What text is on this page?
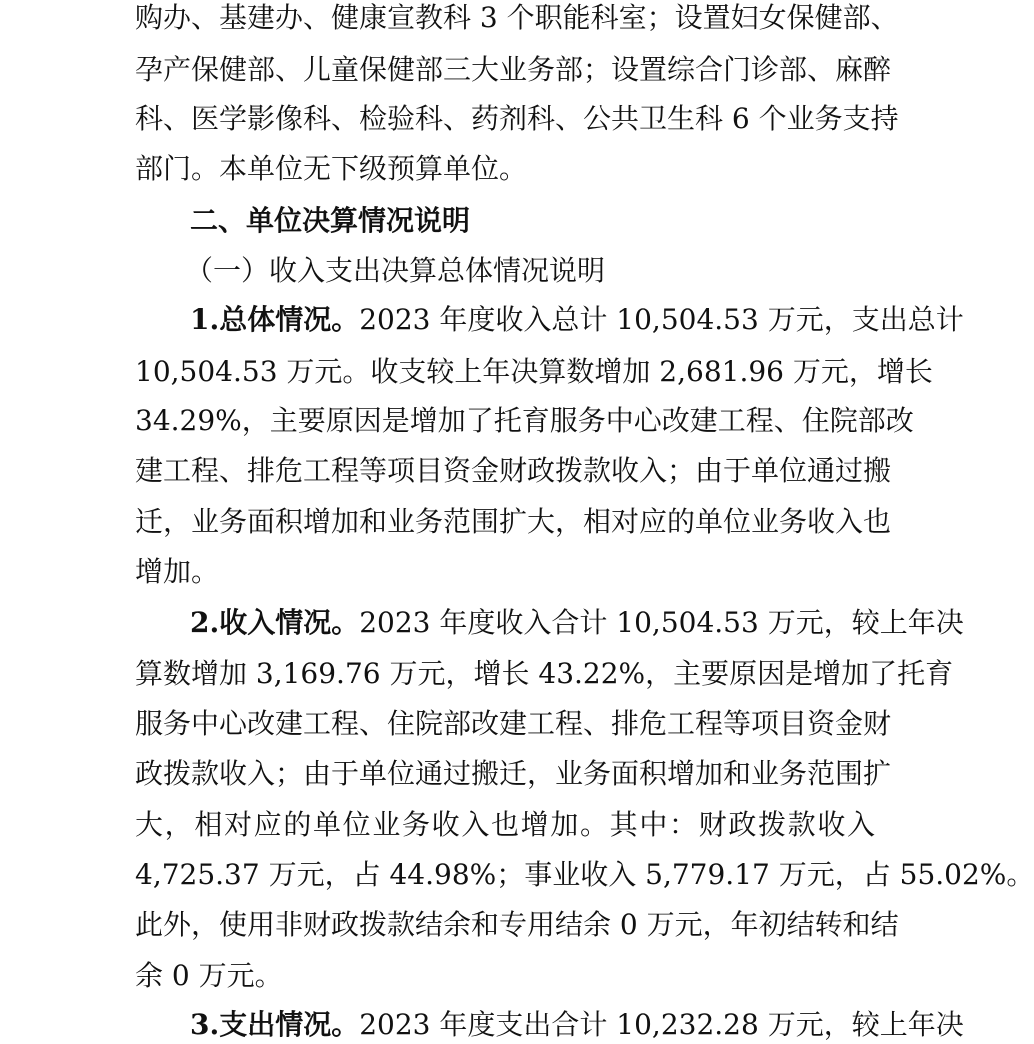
购办、基建办、健康宣教科 3 个职能科室；设置妇女保健部、
孕产保健部、儿童保健部三大业务部；设置综合门诊部、麻醉
科、医学影像科、检验科、药剂科、公共卫生科 6 个业务支持
部门。本单位无下级预算单位。
二、单位决算情况说明
（一）收入支出决算总体情况说明
1.总体情况。2023 年度收入总计 10,504.53 万元，支出总计
10,504.53 万元。收支较上年决算数增加 2,681.96 万元，增长
34.29%，主要原因是增加了托育服务中心改建工程、住院部改
建工程、排危工程等项目资金财政拨款收入；由于单位通过搬
迁，业务面积增加和业务范围扩大，相对应的单位业务收入也
增加。
2.收入情况。2023 年度收入合计 10,504.53 万元，较上年决
算数增加 3,169.76 万元，增长 43.22%，主要原因是增加了托育
服务中心改建工程、住院部改建工程、排危工程等项目资金财
政拨款收入；由于单位通过搬迁，业务面积增加和业务范围扩
大，相对应的单位业务收入也增加。其中：财政拨款收入
4,725.37 万元，占 44.98%；事业收入 5,779.17 万元，占 55.02%。
此外，使用非财政拨款结余和专用结余 0 万元，年初结转和结
余 0 万元。
3.支出情况。2023 年度支出合计 10,232.28 万元，较上年决
